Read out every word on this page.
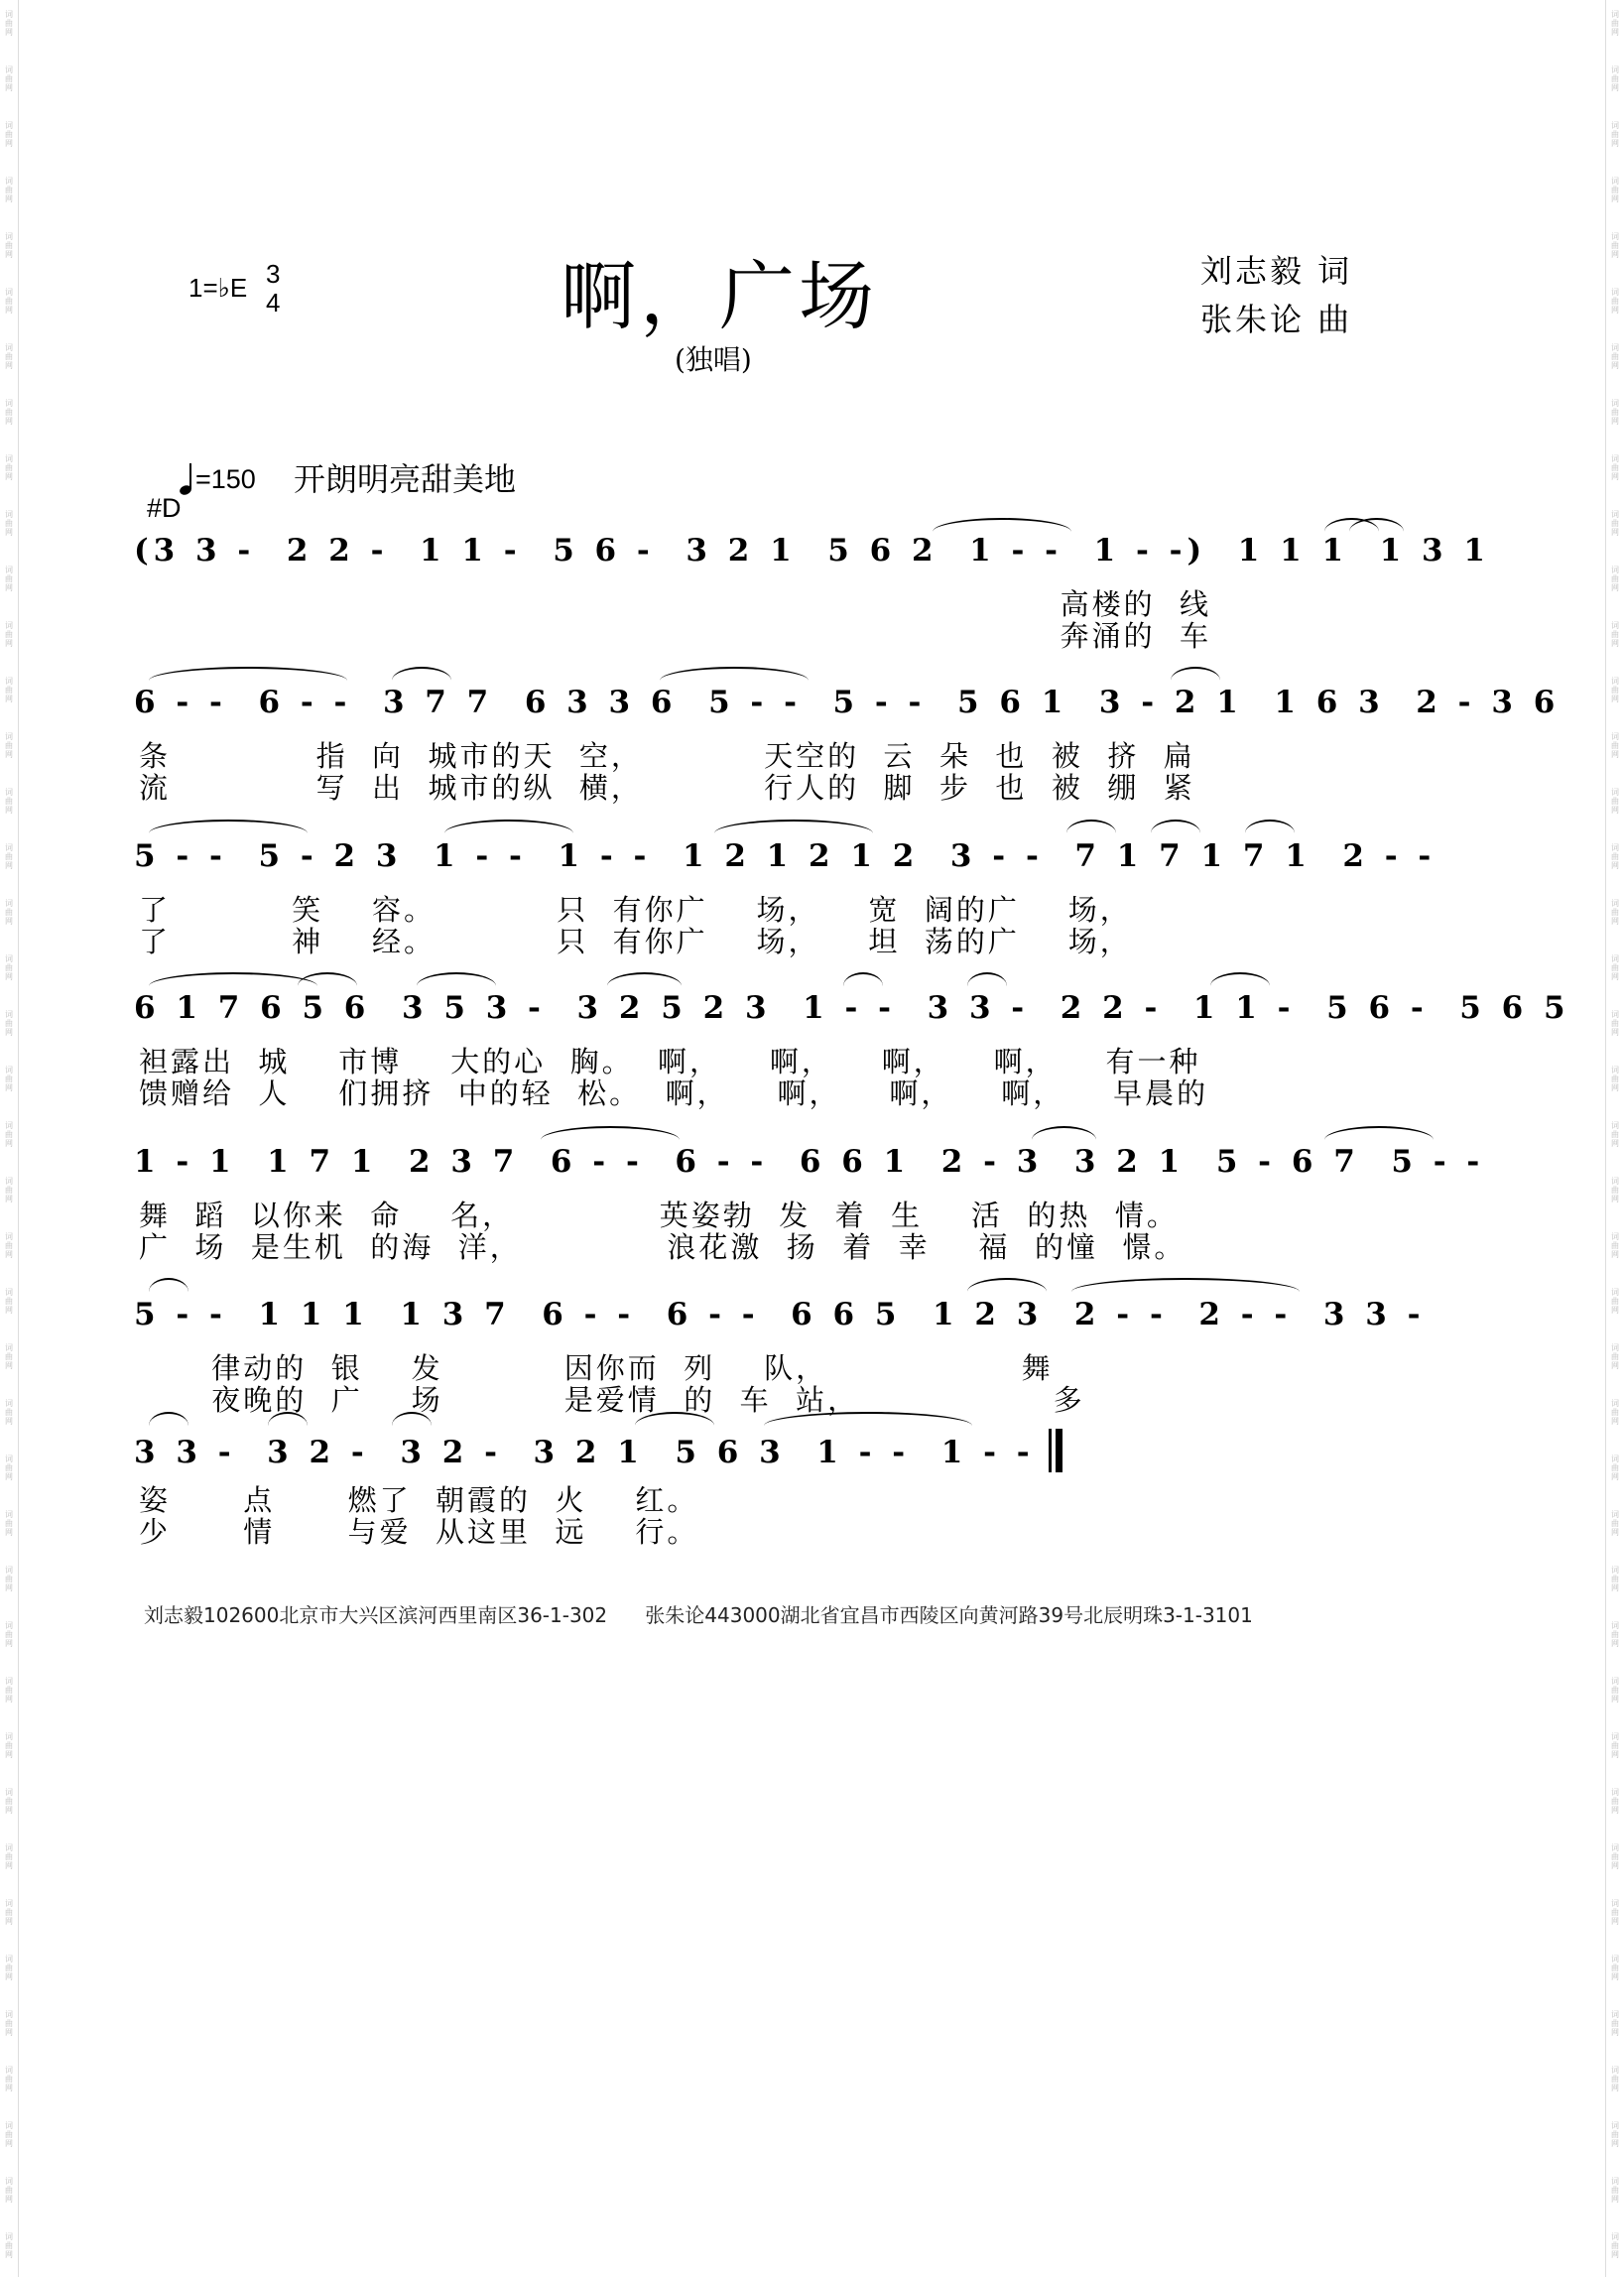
词曲网
词曲网
词曲网
词曲网
词曲网
词曲网
词曲网
词曲网
词曲网
词曲网
词曲网
词曲网
词曲网
词曲网
词曲网
词曲网
词曲网
词曲网
词曲网
词曲网
词曲网
词曲网
词曲网
词曲网
词曲网
词曲网
词曲网
词曲网
词曲网
词曲网
词曲网
词曲网
词曲网
词曲网
词曲网
词曲网
词曲网
词曲网
词曲网
词曲网
词曲网
词曲网
词曲网
词曲网
词曲网
词曲网
词曲网
词曲网
词曲网
词曲网
词曲网
词曲网
词曲网
词曲网
词曲网
词曲网
词曲网
词曲网
词曲网
词曲网
词曲网
词曲网
词曲网
词曲网
词曲网
词曲网
词曲网
词曲网
词曲网
词曲网
词曲网
词曲网
词曲网
词曲网
词曲网
词曲网
词曲网
词曲网
词曲网
词曲网
词曲网
词曲网
1=♭E 3
4	啊，广场
(独唱)
刘志毅 词
张朱论 曲
=150 开朗明亮甜美地
#D
(3 3 -  2 2 -  1 1 -  5 6 -  3 2 1  5 6 2  1 - -  1 - -)  1 1 1  1 3 1
高楼的  线
奔涌的  车
6 - -  6 - -  3 7 7  6 3 3 6  5 - -  5 - -  5 6 1  3 - 2 1  1 6 3  2 - 3 6
条            指  向  城市的天  空，          天空的  云  朵  也  被  挤  扁
流            写  出  城市的纵  横，          行人的  脚  步  也  被  绷  紧
5 - -  5 - 2 3  1 - -  1 - -  1 2 1 2 1 2  3 - -  7 1 7 1 7 1  2 - -
了          笑    容。          只  有你广    场，    宽  阔的广    场，
了          神    经。          只  有你广    场，    坦  荡的广    场，
6 1 7 6 5 6  3 5 3 -  3 2 5 2 3  1 - -  3 3 -  2 2 -  1 1 -  5 6 -  5 6 5
袒露出  城    市博    大的心  胸。  啊，    啊，    啊，    啊，    有一种
馈赠给  人    们拥挤  中的轻  松。  啊，    啊，    啊，    啊，    早晨的
1 - 1  1 7 1  2 3 7  6 - -  6 - -  6 6 1  2 - 3  3 2 1  5 - 6 7  5 - -
舞  蹈  以你来  命    名，            英姿勃  发  着  生    活  的热  情。
广  场  是生机  的海  洋，            浪花激  扬  着  幸    福  的憧  憬。
5 - -  1 1 1  1 3 7  6 - -  6 - -  6 6 5  1 2 3  2 - -  2 - -  3 3 -
律动的  银    发          因你而  列    队，                舞
夜晚的  广    场          是爱情  的  车  站，                多
3 3 -  3 2 -  3 2 -  3 2 1  5 6 3  1 - -  1 - -
姿      点      燃了  朝霞的  火    红。
少      情      与爱  从这里  远    行。
刘志毅102600北京市大兴区滨河西里南区36-1-302      张朱论443000湖北省宜昌市西陵区向黄河路39号北辰明珠3-1-3101
